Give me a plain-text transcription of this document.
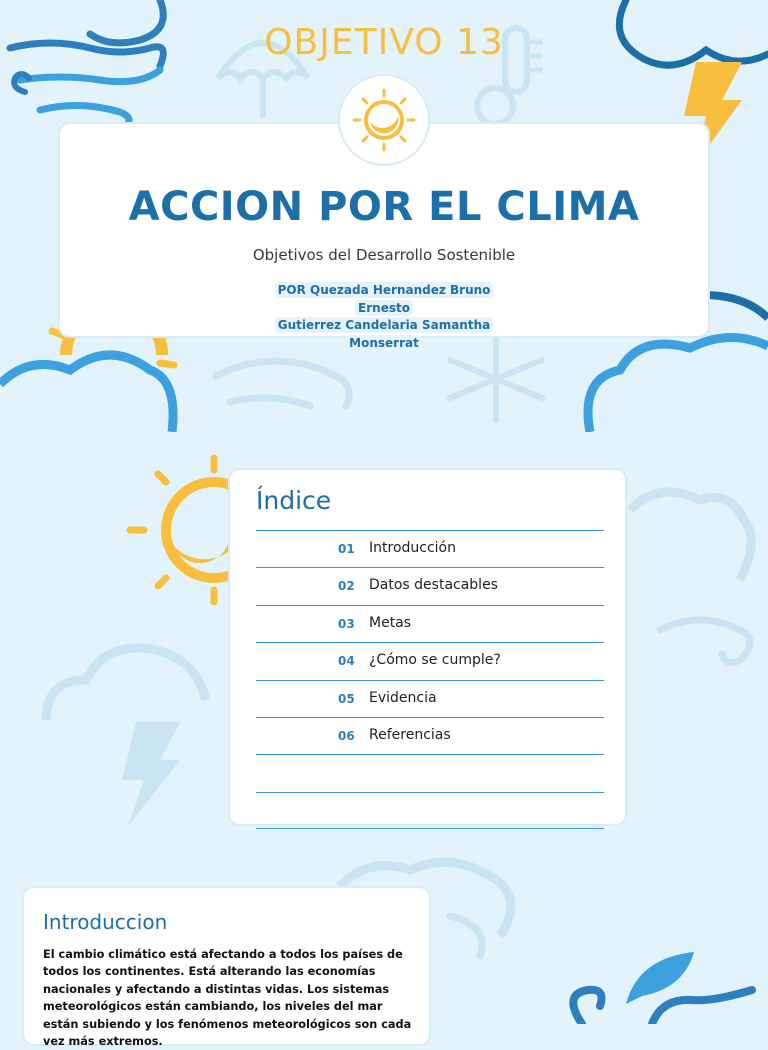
OBJETIVO 13
ACCION POR EL CLIMA
Objetivos del Desarrollo Sostenible
POR Quezada Hernandez Bruno
Ernesto
Gutierrez Candelaria Samantha
Monserrat
Índice
01 Introducción
02 Datos destacables
03 Metas
04 ¿Cómo se cumple?
05 Evidencia
06 Referencias
Introduccion
El cambio climático está afectando a todos los países de todos los continentes. Está alterando las economías nacionales y afectando a distintas vidas. Los sistemas meteorológicos están cambiando, los niveles del mar están subiendo y los fenómenos meteorológicos son cada vez más extremos.
